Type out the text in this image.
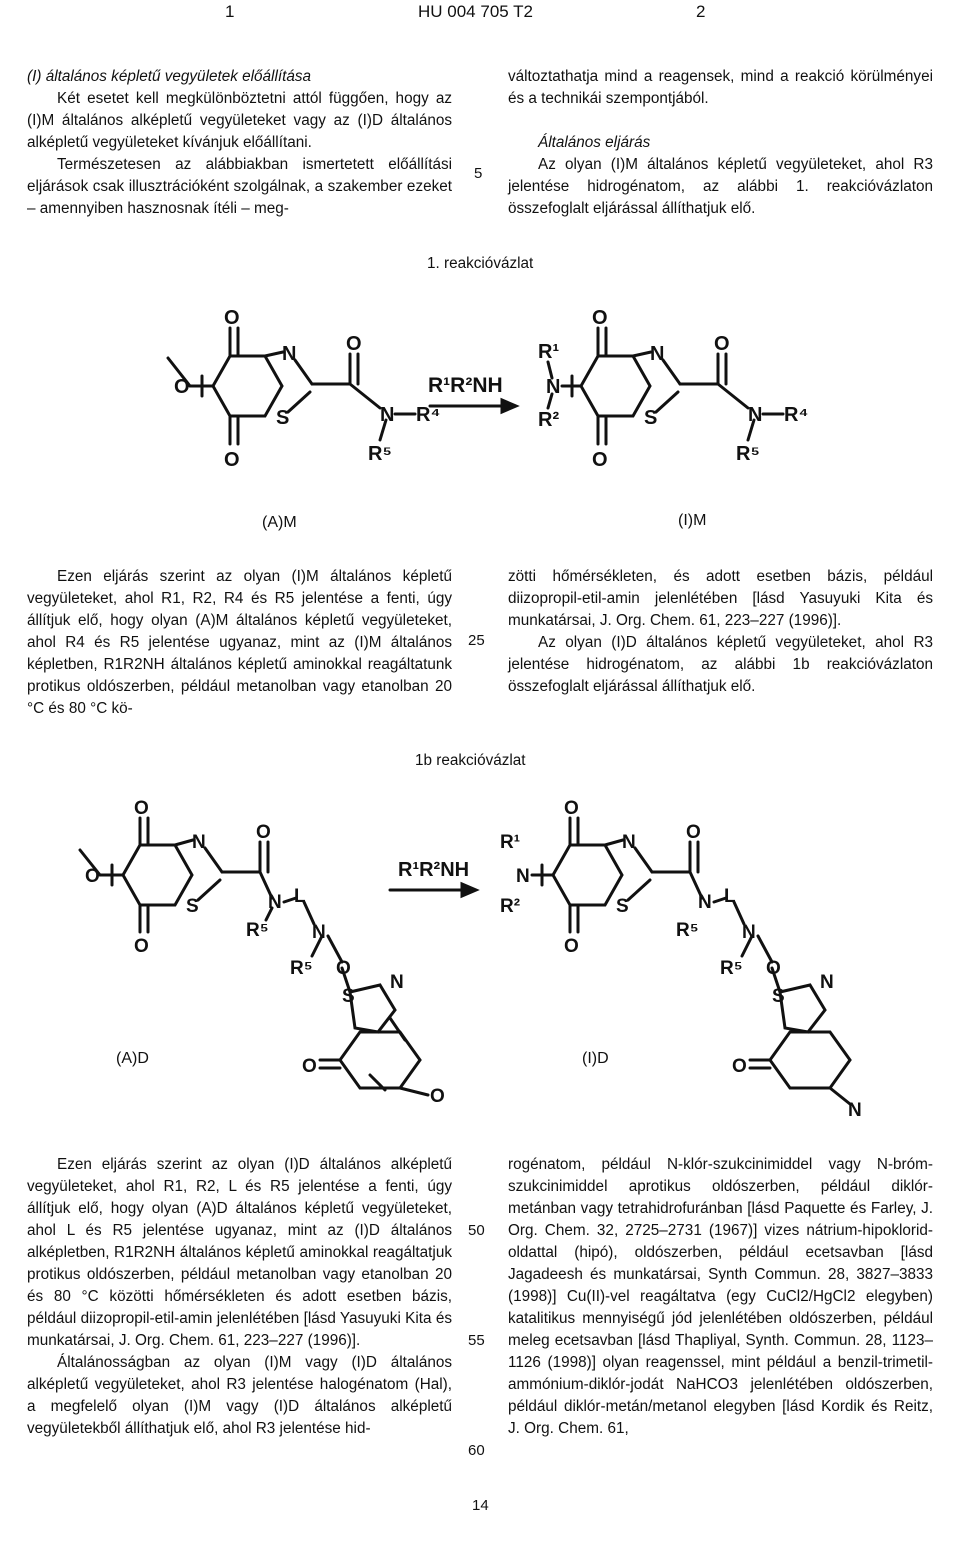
1	HU 004 705 T2	2

(I) általános képletű vegyületek előállítása

Két esetet kell megkülönböztetni attól függően, hogy az (I)M általános alképletű vegyületeket vagy az (I)D általános alképletű vegyületeket kívánjuk előállítani.

Természetesen az alábbiakban ismertetett előállítási eljárások csak illusztrációként szolgálnak, a szakember ezeket – amennyiben hasznosnak ítéli – meg-

5

változtathatja mind a reagensek, mind a reakció körülményei és a technikái szempontjából.

Általános eljárás

Az olyan (I)M általános képletű vegyületeket, ahol R3 jelentése hidrogénatom, az alábbi 1. reakcióvázlaton összefoglalt eljárással állíthatjuk elő.

1. reakcióvázlat
O
O
O
N
S
O
N R⁴
R⁵
R¹R²NH
O
O
N
R¹
R²
N
S
O
N R⁴
R⁵
(A)M	(I)M

Ezen eljárás szerint az olyan (I)M általános képletű vegyületeket, ahol R1, R2, R4 és R5 jelentése a fenti, úgy állítjuk elő, hogy olyan (A)M általános képletű vegyületeket, ahol R4 és R5 jelentése ugyanaz, mint az (I)M általános képletben, R1R2NH általános képletű aminokkal reagáltatunk protikus oldószerben, például metanolban vagy etanolban 20 °C és 80 °C kö-

25

zötti hőmérsékleten, és adott esetben bázis, például diizopropil-etil-amin jelenlétében [lásd Yasuyuki Kita és munkatársai, J. Org. Chem. 61, 223–227 (1996)].

Az olyan (I)D általános képletű vegyületeket, ahol R3 jelentése hidrogénatom, az alábbi 1b reakcióvázlaton összefoglalt eljárással állíthatjuk elő.

1b reakcióvázlat
O
O
O
N
S
O
N L
R⁵ N
R⁵ O
S
N
O
O
R¹R²NH
O
O
N
R¹
R²
N
S
O
N L
R⁵ N
R⁵ O
S
N
O
N
(A)D	(I)D

Ezen eljárás szerint az olyan (I)D általános alképletű vegyületeket, ahol R1, R2, L és R5 jelentése a fenti, úgy állítjuk elő, hogy olyan (A)D általános képletű vegyületeket, ahol L és R5 jelentése ugyanaz, mint az (I)D általános alképletben, R1R2NH általános képletű aminokkal reagáltatjuk protikus oldószerben, például metanolban vagy etanolban 20 és 80 °C közötti hőmérsékleten és adott esetben bázis, például diizopropil-etil-amin jelenlétében [lásd Yasuyuki Kita és munkatársai, J. Org. Chem. 61, 223–227 (1996)].

Általánosságban az olyan (I)M vagy (I)D általános alképletű vegyületeket, ahol R3 jelentése halogénatom (Hal), a megfelelő olyan (I)M vagy (I)D általános alképletű vegyületekből állíthatjuk elő, ahol R3 jelentése hid-

50
55
60

rogénatom, például N-klór-szukcinimiddel vagy N-bróm-szukcinimiddel aprotikus oldószerben, például diklór-metánban vagy tetrahidrofuránban [lásd Paquette és Farley, J. Org. Chem. 32, 2725–2731 (1967)] vizes nátrium-hipoklorid-oldattal (hipó), oldószerben, például ecetsavban [lásd Jagadeesh és munkatársai, Synth Commun. 28, 3827–3833 (1998)] Cu(II)-vel reagáltatva (egy CuCl2/HgCl2 elegyben) katalitikus mennyiségű jód jelenlétében oldószerben, például meleg ecetsavban [lásd Thapliyal, Synth. Commun. 28, 1123–1126 (1998)] olyan reagenssel, mint például a benzil-trimetil-ammónium-diklór-jodát NaHCO3 jelenlétében oldószerben, például diklór-metán/metanol elegyben [lásd Kordik és Reitz, J. Org. Chem. 61,

14
